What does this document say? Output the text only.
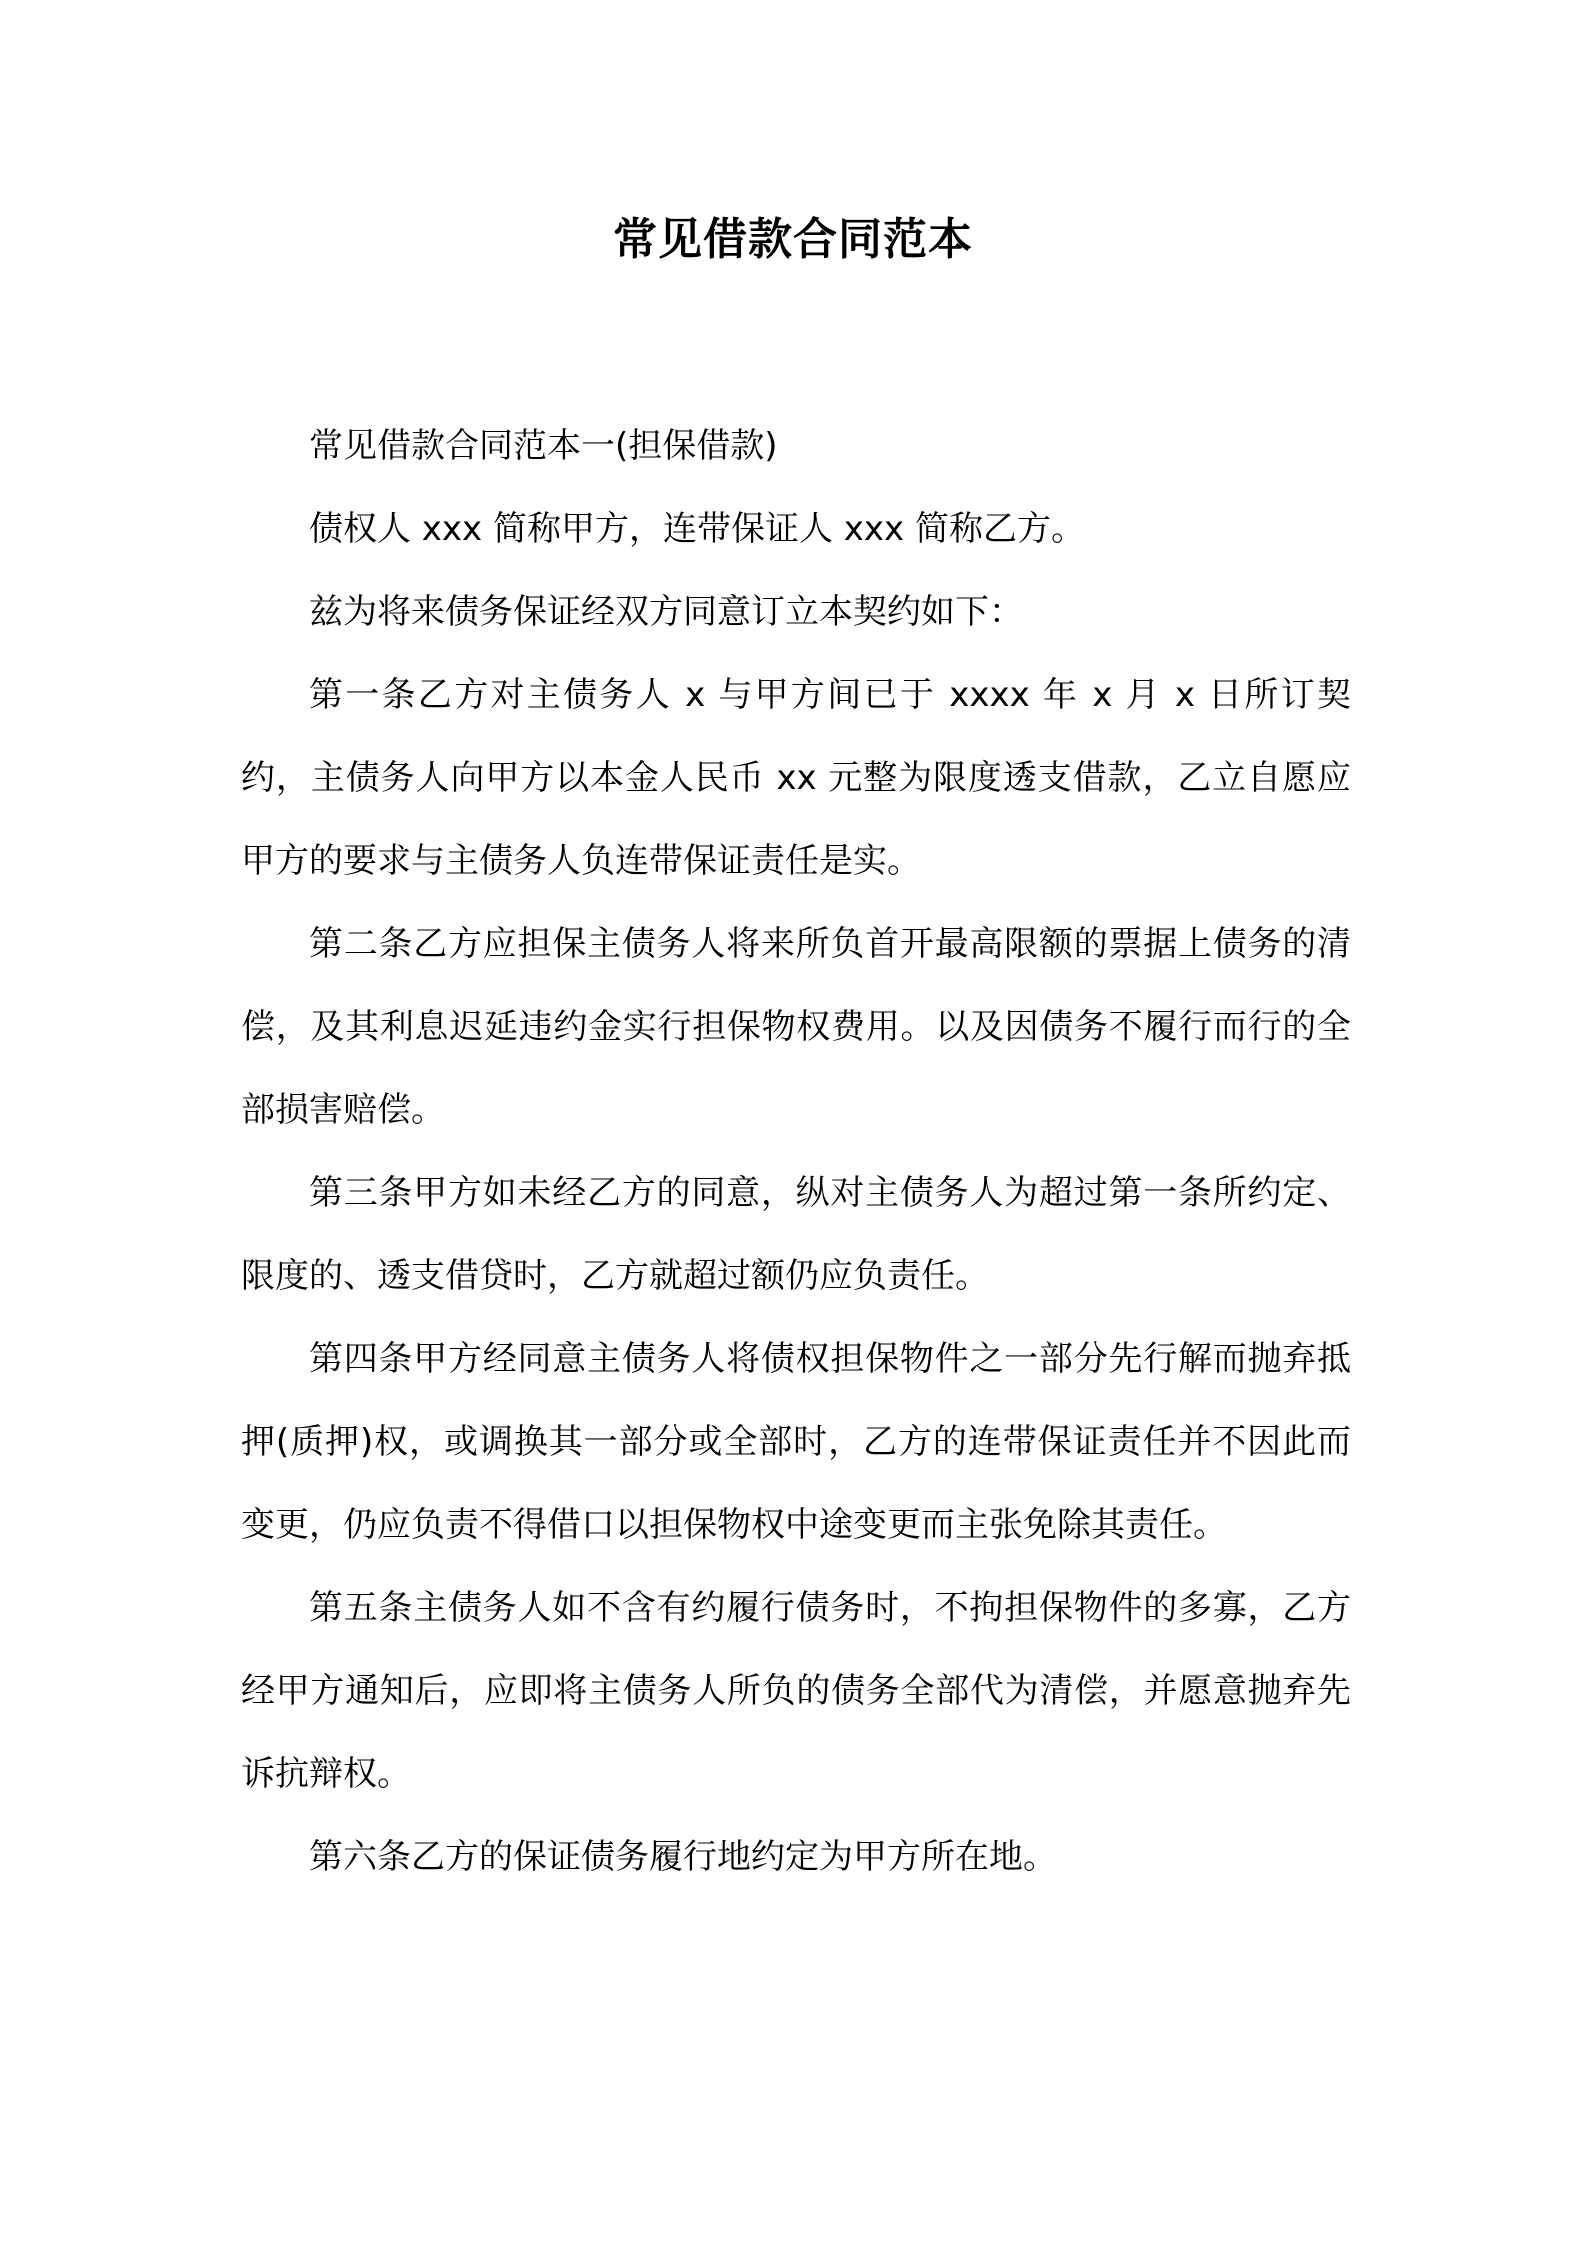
常见借款合同范本

常见借款合同范本一(担保借款)

债权人 xxx 简称甲方，连带保证人 xxx 简称乙方。

兹为将来债务保证经双方同意订立本契约如下：

第一条乙方对主债务人 x 与甲方间已于 xxxx 年 x 月 x 日所订契约，主债务人向甲方以本金人民币 xx 元整为限度透支借款，乙立自愿应甲方的要求与主债务人负连带保证责任是实。

第二条乙方应担保主债务人将来所负首开最高限额的票据上债务的清偿，及其利息迟延违约金实行担保物权费用。以及因债务不履行而行的全部损害赔偿。

第三条甲方如未经乙方的同意，纵对主债务人为超过第一条所约定、限度的、透支借贷时，乙方就超过额仍应负责任。

第四条甲方经同意主债务人将债权担保物件之一部分先行解而抛弃抵押(质押)权，或调换其一部分或全部时，乙方的连带保证责任并不因此而变更，仍应负责不得借口以担保物权中途变更而主张免除其责任。

第五条主债务人如不含有约履行债务时，不拘担保物件的多寡，乙方经甲方通知后，应即将主债务人所负的债务全部代为清偿，并愿意抛弃先诉抗辩权。

第六条乙方的保证债务履行地约定为甲方所在地。
